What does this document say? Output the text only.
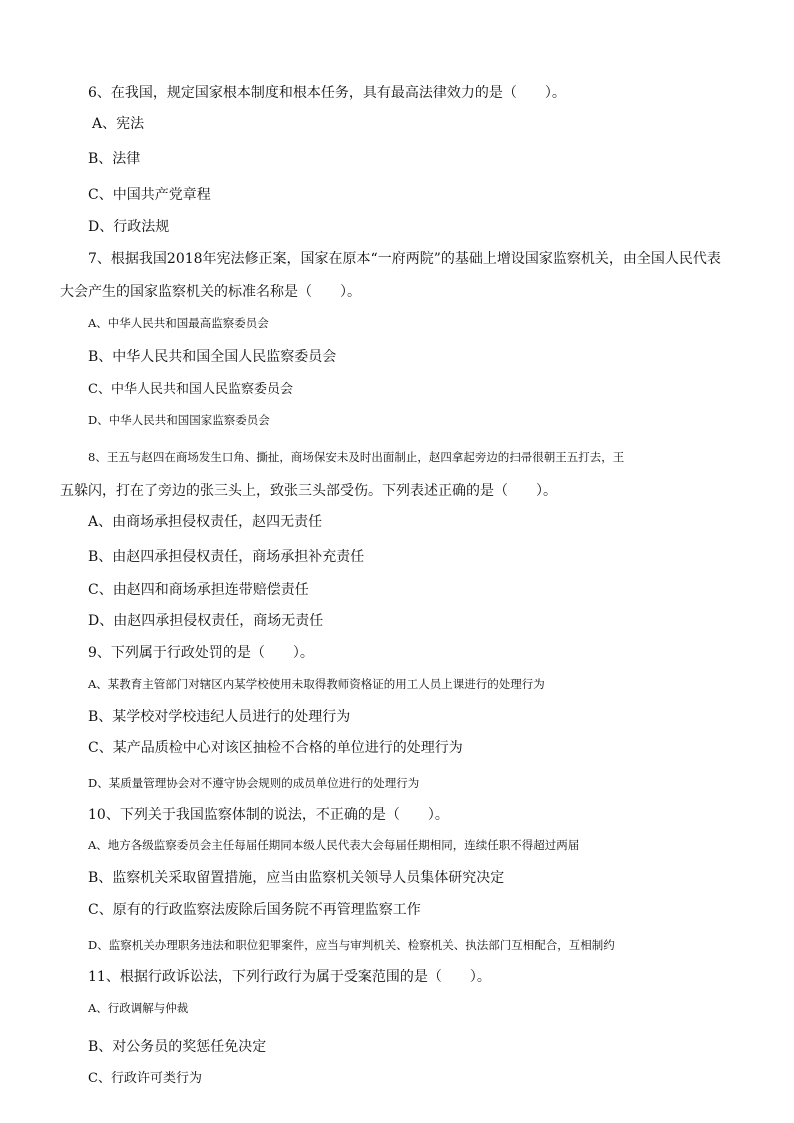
6、在我国，规定国家根本制度和根本任务，具有最高法律效力的是（　　）。
A、宪法
B、法律
C、中国共产党章程
D、行政法规
7、根据我国2018年宪法修正案，国家在原本“一府两院”的基础上增设国家监察机关，由全国人民代表
大会产生的国家监察机关的标准名称是（　　）。
A、中华人民共和国最高监察委员会
B、中华人民共和国全国人民监察委员会
C、中华人民共和国人民监察委员会
D、中华人民共和国国家监察委员会
8、王五与赵四在商场发生口角、撕扯，商场保安未及时出面制止，赵四拿起旁边的扫帚很朝王五打去，王
五躲闪，打在了旁边的张三头上，致张三头部受伤。下列表述正确的是（　　）。
A、由商场承担侵权责任，赵四无责任
B、由赵四承担侵权责任，商场承担补充责任
C、由赵四和商场承担连带赔偿责任
D、由赵四承担侵权责任，商场无责任
9、下列属于行政处罚的是（　　）。
A、某教育主管部门对辖区内某学校使用未取得教师资格证的用工人员上课进行的处理行为
B、某学校对学校违纪人员进行的处理行为
C、某产品质检中心对该区抽检不合格的单位进行的处理行为
D、某质量管理协会对不遵守协会规则的成员单位进行的处理行为
10、下列关于我国监察体制的说法，不正确的是（　　）。
A、地方各级监察委员会主任每届任期同本级人民代表大会每届任期相同，连续任职不得超过两届
B、监察机关采取留置措施，应当由监察机关领导人员集体研究决定
C、原有的行政监察法废除后国务院不再管理监察工作
D、监察机关办理职务违法和职位犯罪案件，应当与审判机关、检察机关、执法部门互相配合，互相制约
11、根据行政诉讼法，下列行政行为属于受案范围的是（　　）。
A、行政调解与仲裁
B、对公务员的奖惩任免决定
C、行政许可类行为
